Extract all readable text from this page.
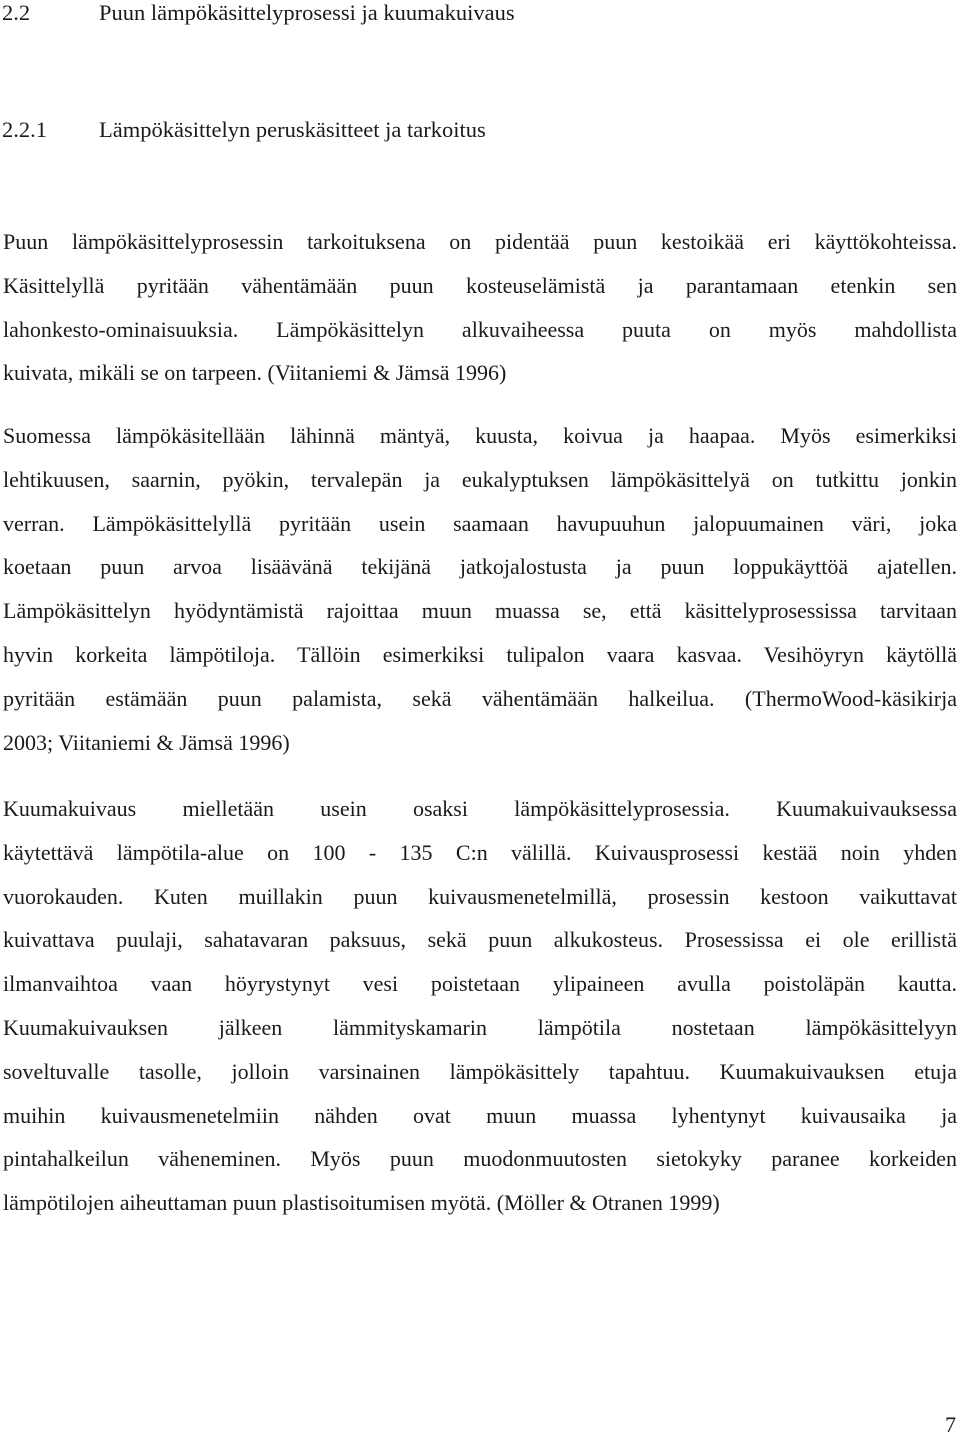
2.2	Puun lämpökäsittelyprosessi ja kuumakuivaus
2.2.1 Lämpökäsittelyn peruskäsitteet ja tarkoitus
Puun lämpökäsittelyprosessin tarkoituksena on pidentää puun kestoikää eri käyttökohteissa.
Käsittelyllä pyritään vähentämään puun kosteuselämistä ja parantamaan etenkin sen
lahonkesto-ominaisuuksia. Lämpökäsittelyn alkuvaiheessa puuta on myös mahdollista
kuivata, mikäli se on tarpeen. (Viitaniemi & Jämsä 1996)
Suomessa lämpökäsitellään lähinnä mäntyä, kuusta, koivua ja haapaa. Myös esimerkiksi
lehtikuusen, saarnin, pyökin, tervalepän ja eukalyptuksen lämpökäsittelyä on tutkittu jonkin
verran. Lämpökäsittelyllä pyritään usein saamaan havupuuhun jalopuumainen väri, joka
koetaan puun arvoa lisäävänä tekijänä jatkojalostusta ja puun loppukäyttöä ajatellen.
Lämpökäsittelyn hyödyntämistä rajoittaa muun muassa se, että käsittelyprosessissa tarvitaan
hyvin korkeita lämpötiloja. Tällöin esimerkiksi tulipalon vaara kasvaa. Vesihöyryn käytöllä
pyritään estämään puun palamista, sekä vähentämään halkeilua. (ThermoWood-käsikirja
2003; Viitaniemi & Jämsä 1996)
Kuumakuivaus mielletään usein osaksi lämpökäsittelyprosessia. Kuumakuivauksessa
käytettävä lämpötila-alue on 100 - 135 C:n välillä. Kuivausprosessi kestää noin yhden
vuorokauden. Kuten muillakin puun kuivausmenetelmillä, prosessin kestoon vaikuttavat
kuivattava puulaji, sahatavaran paksuus, sekä puun alkukosteus. Prosessissa ei ole erillistä
ilmanvaihtoa vaan höyrystynyt vesi poistetaan ylipaineen avulla poistoläpän kautta.
Kuumakuivauksen jälkeen lämmityskamarin lämpötila nostetaan lämpökäsittelyyn
soveltuvalle tasolle, jolloin varsinainen lämpökäsittely tapahtuu. Kuumakuivauksen etuja
muihin kuivausmenetelmiin nähden ovat muun muassa lyhentynyt kuivausaika ja
pintahalkeilun väheneminen. Myös puun muodonmuutosten sietokyky paranee korkeiden
lämpötilojen aiheuttaman puun plastisoitumisen myötä. (Möller & Otranen 1999)
7
